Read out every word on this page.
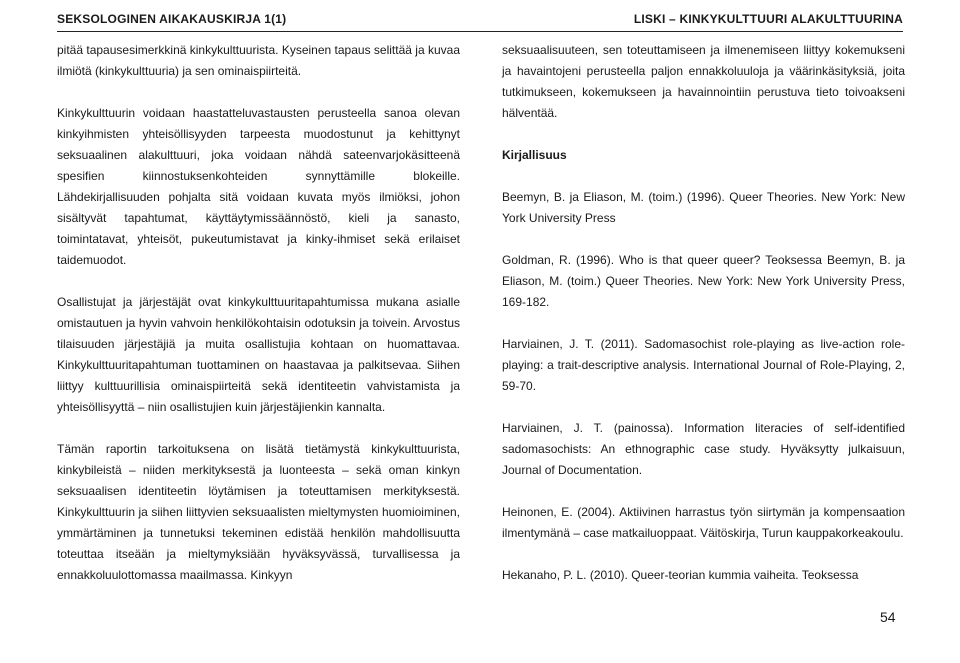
SEKSOLOGINEN AIKAKAUSKIRJA 1(1)	LISKI – KINKYKULTTUURI ALAKULTTUURINA

pitää tapausesimerkkinä kinkykulttuurista. Kyseinen tapaus selittää ja kuvaa ilmiötä (kinkykulttuuria) ja sen ominaispiirteitä.

Kinkykulttuurin voidaan haastatteluvastausten perusteella sanoa olevan kinkyihmisten yhteisöllisyyden tarpeesta muodostunut ja kehittynyt seksuaalinen alakulttuuri, joka voidaan nähdä sateenvarjokäsitteenä spesifien kiinnostuksenkohteiden synnyttämille blokeille. Lähdekirjallisuuden pohjalta sitä voidaan kuvata myös ilmiöksi, johon sisältyvät tapahtumat, käyttäytymissäännöstö, kieli ja sanasto, toimintatavat, yhteisöt, pukeutumistavat ja kinky-ihmiset sekä erilaiset taidemuodot.

Osallistujat ja järjestäjät ovat kinkykulttuuritapahtumissa mukana asialle omistautuen ja hyvin vahvoin henkilökohtaisin odotuksin ja toivein. Arvostus tilaisuuden järjestäjiä ja muita osallistujia kohtaan on huomattavaa. Kinkykulttuuritapahtuman tuottaminen on haastavaa ja palkitsevaa. Siihen liittyy kulttuurillisia ominaispiirteitä sekä identiteetin vahvistamista ja yhteisöllisyyttä – niin osallistujien kuin järjestäjienkin kannalta.

Tämän raportin tarkoituksena on lisätä tietämystä kinkykulttuurista, kinkybileistä – niiden merkityksestä ja luonteesta – sekä oman kinkyn seksuaalisen identiteetin löytämisen ja toteuttamisen merkityksestä. Kinkykulttuurin ja siihen liittyvien seksuaalisten mieltymysten huomioiminen, ymmärtäminen ja tunnetuksi tekeminen edistää henkilön mahdollisuutta toteuttaa itseään ja mieltymyksiään hyväksyvässä, turvallisessa ja ennakkoluulottomassa maailmassa. Kinkyyn

seksuaalisuuteen, sen toteuttamiseen ja ilmenemiseen liittyy kokemukseni ja havaintojeni perusteella paljon ennakkoluuloja ja väärinkäsityksiä, joita tutkimukseen, kokemukseen ja havainnointiin perustuva tieto toivoakseni hälventää.

Kirjallisuus

Beemyn, B. ja Eliason, M. (toim.) (1996). Queer Theories. New York: New York University Press

Goldman, R. (1996). Who is that queer queer? Teoksessa Beemyn, B. ja Eliason, M. (toim.) Queer Theories. New York: New York University Press, 169-182.

Harviainen, J. T. (2011). Sadomasochist role-playing as live-action role-playing: a trait-descriptive analysis. International Journal of Role-Playing, 2, 59-70.

Harviainen, J. T. (painossa). Information literacies of self-identified sadomasochists: An ethnographic case study. Hyväksytty julkaisuun, Journal of Documentation.

Heinonen, E. (2004). Aktiivinen harrastus työn siirtymän ja kompensaation ilmentymänä – case matkailuoppaat. Väitöskirja, Turun kauppakorkeakoulu.

Hekanaho, P. L. (2010). Queer-teorian kummia vaiheita. Teoksessa

54
